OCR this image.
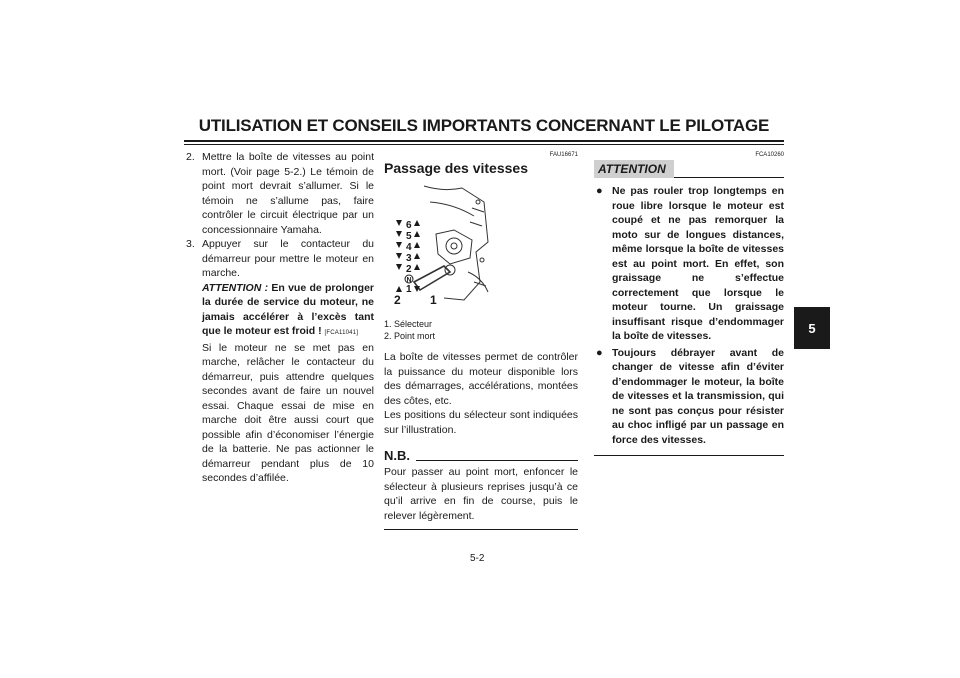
UTILISATION ET CONSEILS IMPORTANTS CONCERNANT LE PILOTAGE
5
2. Mettre la boîte de vitesses au point mort. (Voir page 5-2.) Le témoin de point mort devrait s’allumer. Si le témoin ne s’allume pas, faire contrôler le circuit électrique par un concessionnaire Yamaha.
3. Appuyer sur le contacteur du démarreur pour mettre le moteur en marche.
ATTENTION : En vue de prolonger la durée de service du moteur, ne jamais accélérer à l’excès tant que le moteur est froid ! [FCA11041]
Si le moteur ne se met pas en marche, relâcher le contacteur du démarreur, puis attendre quelques secondes avant de faire un nouvel essai. Chaque essai de mise en marche doit être aussi court que possible afin d’économiser l’énergie de la batterie. Ne pas actionner le démarreur pendant plus de 10 secondes d’affilée.
FAU16671
Passage des vitesses
6
5
4
3
2
N
1
2 1

1. Sélecteur

2. Point mort

La boîte de vitesses permet de contrôler la puissance du moteur disponible lors des démarrages, accélérations, montées des côtes, etc.
Les positions du sélecteur sont indiquées sur l’illustration.
N.B.
Pour passer au point mort, enfoncer le sélecteur à plusieurs reprises jusqu’à ce qu’il arrive en fin de course, puis le relever légèrement.
FCA10260
ATTENTION
● Ne pas rouler trop longtemps en roue libre lorsque le moteur est coupé et ne pas remorquer la moto sur de longues distances, même lorsque la boîte de vitesses est au point mort. En effet, son graissage ne s’effectue correctement que lorsque le moteur tourne. Un graissage insuffisant risque d’endommager la boîte de vitesses.
● Toujours débrayer avant de changer de vitesse afin d’éviter d’endommager le moteur, la boîte de vitesses et la transmission, qui ne sont pas conçus pour résister au choc infligé par un passage en force des vitesses.
5-2
